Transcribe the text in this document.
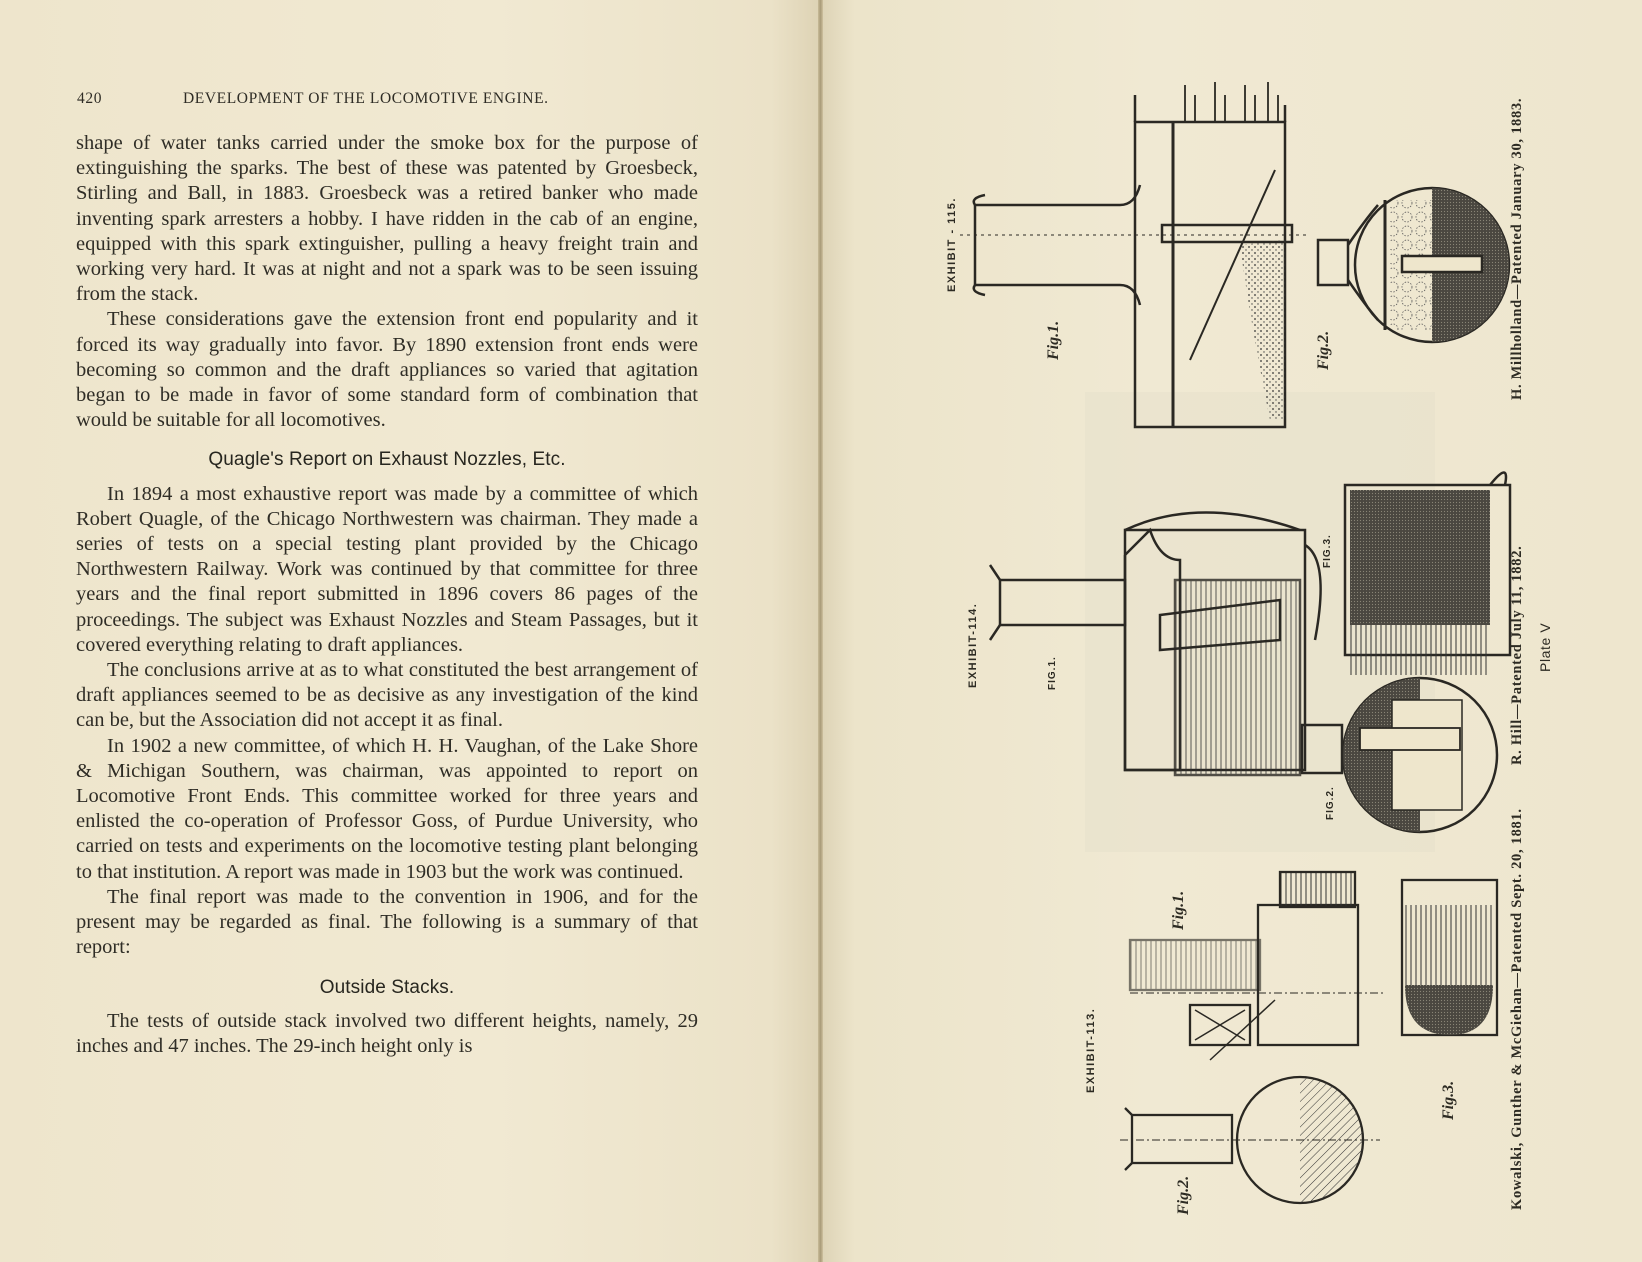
420	DEVELOPMENT OF THE LOCOMOTIVE ENGINE.

shape of water tanks carried under the smoke box for the purpose of extinguishing the sparks. The best of these was patented by Groesbeck, Stirling and Ball, in 1883. Groesbeck was a retired banker who made inventing spark arresters a hobby. I have ridden in the cab of an engine, equipped with this spark extinguisher, pulling a heavy freight train and working very hard. It was at night and not a spark was to be seen issuing from the stack.

These considerations gave the extension front end popularity and it forced its way gradually into favor. By 1890 extension front ends were becoming so common and the draft appliances so varied that agitation began to be made in favor of some standard form of combination that would be suitable for all locomotives.

Quagle's Report on Exhaust Nozzles, Etc.

In 1894 a most exhaustive report was made by a committee of which Robert Quagle, of the Chicago Northwestern was chairman. They made a series of tests on a special testing plant provided by the Chicago Northwestern Railway. Work was continued by that committee for three years and the final report submitted in 1896 covers 86 pages of the proceedings. The subject was Exhaust Nozzles and Steam Passages, but it covered everything relating to draft appliances.

The conclusions arrive at as to what constituted the best arrangement of draft appliances seemed to be as decisive as any investigation of the kind can be, but the Association did not accept it as final.

In 1902 a new committee, of which H. H. Vaughan, of the Lake Shore & Michigan Southern, was chairman, was appointed to report on Locomotive Front Ends. This committee worked for three years and enlisted the co-operation of Professor Goss, of Purdue University, who carried on tests and experiments on the locomotive testing plant belonging to that institution. A report was made in 1903 but the work was continued.

The final report was made to the convention in 1906, and for the present may be regarded as final. The following is a summary of that report:

Outside Stacks.

The tests of outside stack involved two different heights, namely, 29 inches and 47 inches. The 29-inch height only is

EXHIBIT - 115.
Fig.1.	Fig.2.	H. Millholland—Patented January 30, 1883.
EXHIBIT-114.	FIG.1.
FIG.2.
FIG.3.	R. Hill—Patented July 11, 1882. Plate V
EXHIBIT-113.
Fig.1.
Fig.2.
Fig.3.	Kowalski, Gunther & McGiehan—Patented Sept. 20, 1881.
